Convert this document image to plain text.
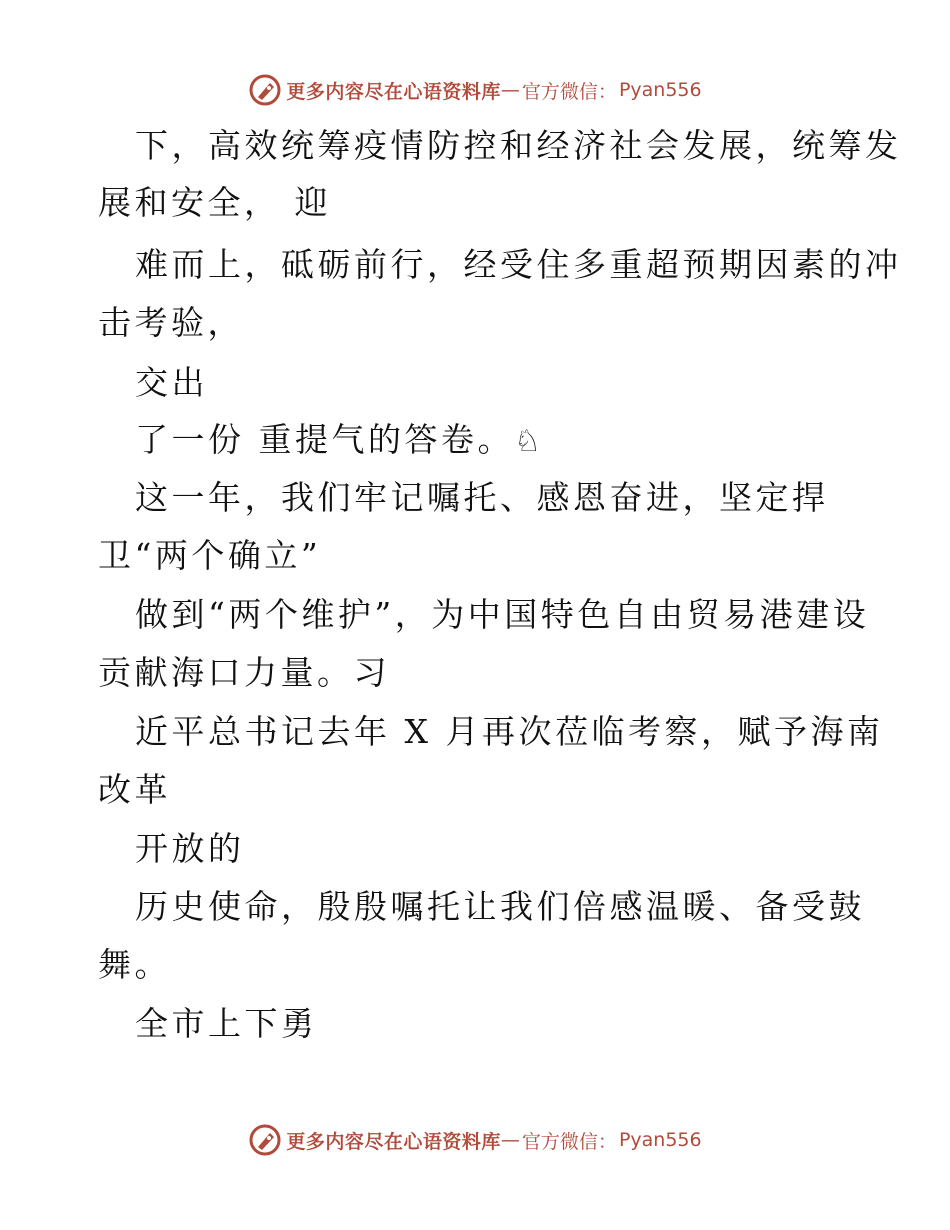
更多内容尽在心语资料库 — 官方微信： Pyan556
下，高效统筹疫情防控和经济社会发展，统筹发
展和安全， 迎
难而上，砥砺前行，经受住多重超预期因素的冲
击考验，
交出
了一份 重提气的答卷。♘
这一年，我们牢记嘱托、感恩奋进，坚定捍
卫“两个确立”
做到“两个维护”，为中国特色自由贸易港建设
贡献海口力量。习
近平总书记去年 X 月再次莅临考察，赋予海南
改革
开放的
历史使命，殷殷嘱托让我们倍感温暖、备受鼓
舞。
全市上下勇
更多内容尽在心语资料库 — 官方微信： Pyan556
